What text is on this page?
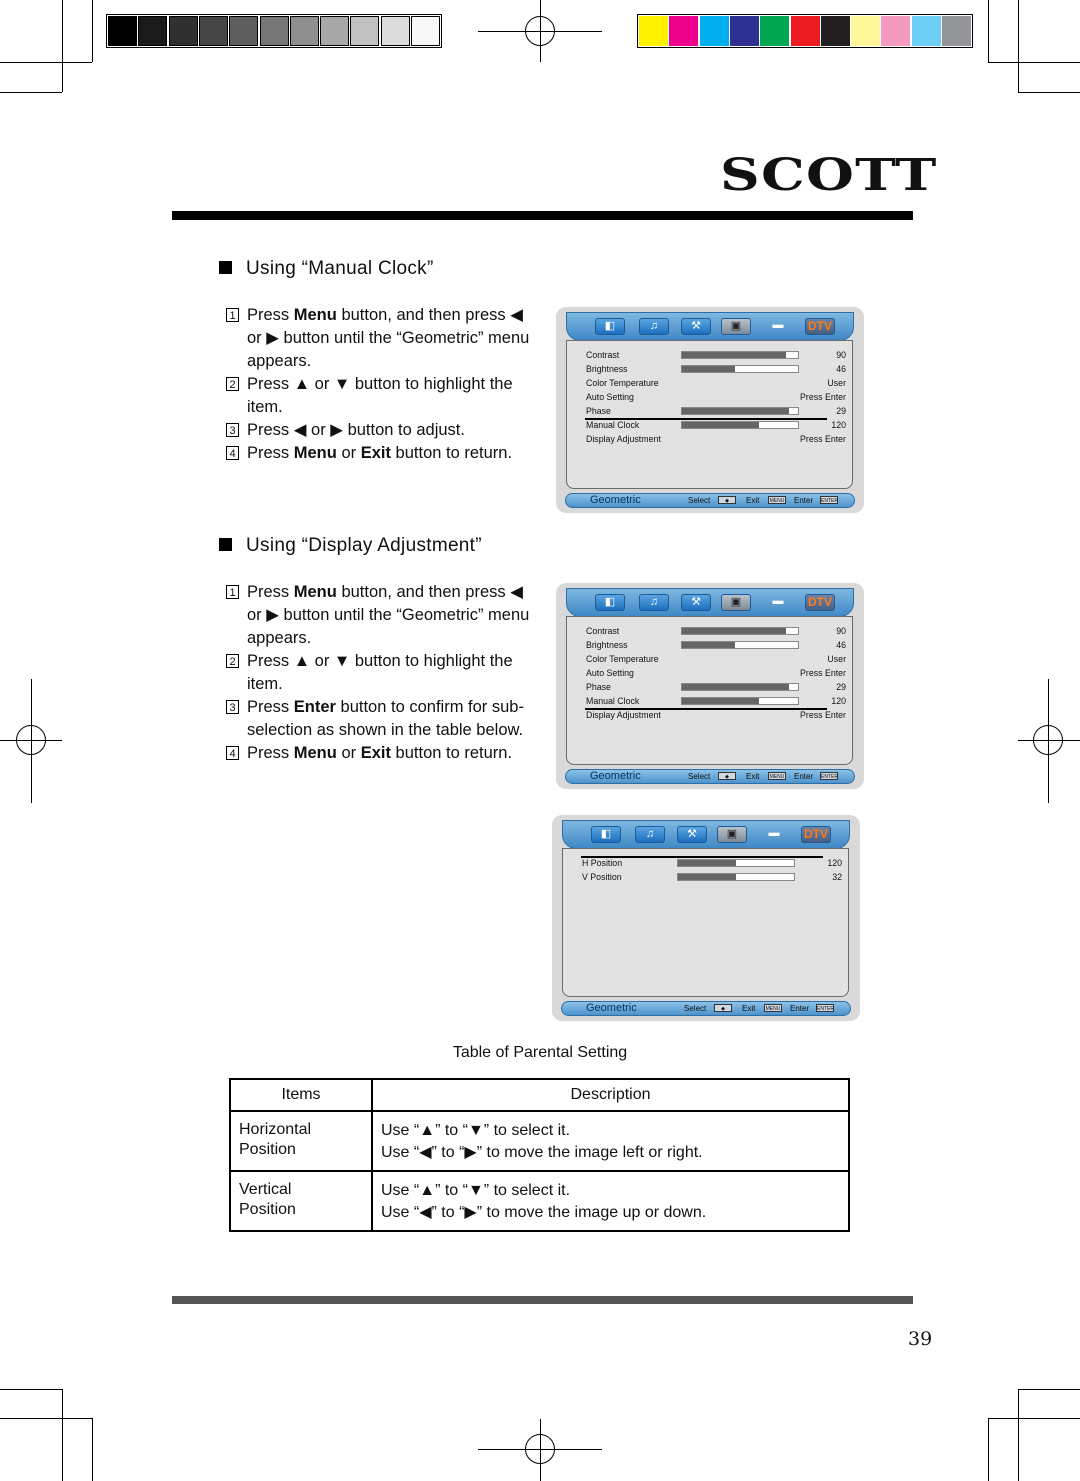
SCOTT
Using “Manual Clock”
1 Press Menu button, and then press ◀ or ▶ button until the “Geometric” menu appears.
2 Press ▲ or ▼ button to highlight the item.
3 Press ◀ or ▶ button to adjust.
4 Press Menu or Exit button to return.
Using “Display Adjustment”
1 Press Menu button, and then press ◀ or ▶ button until the “Geometric” menu appears.
2 Press ▲ or ▼ button to highlight the item.
3 Press Enter button to confirm for sub-selection as shown in the table below.
4 Press Menu or Exit button to return.
◧	♫	⚒	▣	▬	DTV
Contrast	90
Brightness	46
Color Temperature	User
Auto Setting	Press Enter
Phase	29
Manual Clock	120
Display Adjustment	Press Enter
Geometric	Select	◆	Exit	MENU Enter ENTER
◧	♫	⚒	▣	▬	DTV
Contrast	90
Brightness	46
Color Temperature	User
Auto Setting	Press Enter
Phase	29
Manual Clock	120
Display Adjustment	Press Enter
Geometric	Select	◆	Exit	MENU Enter ENTER
◧	♫	⚒	▣	▬	DTV
H Position	120
V Position	32
Geometric	Select	◆	Exit	MENU Enter ENTER
Table of Parental Setting
Items	Description
Horizontal
Position	Use “▲” to “▼” to select it.
Use “◀” to “▶” to move the image left or right.
Vertical
Position	Use “▲” to “▼” to select it.
Use “◀” to “▶” to move the image up or down.
39
